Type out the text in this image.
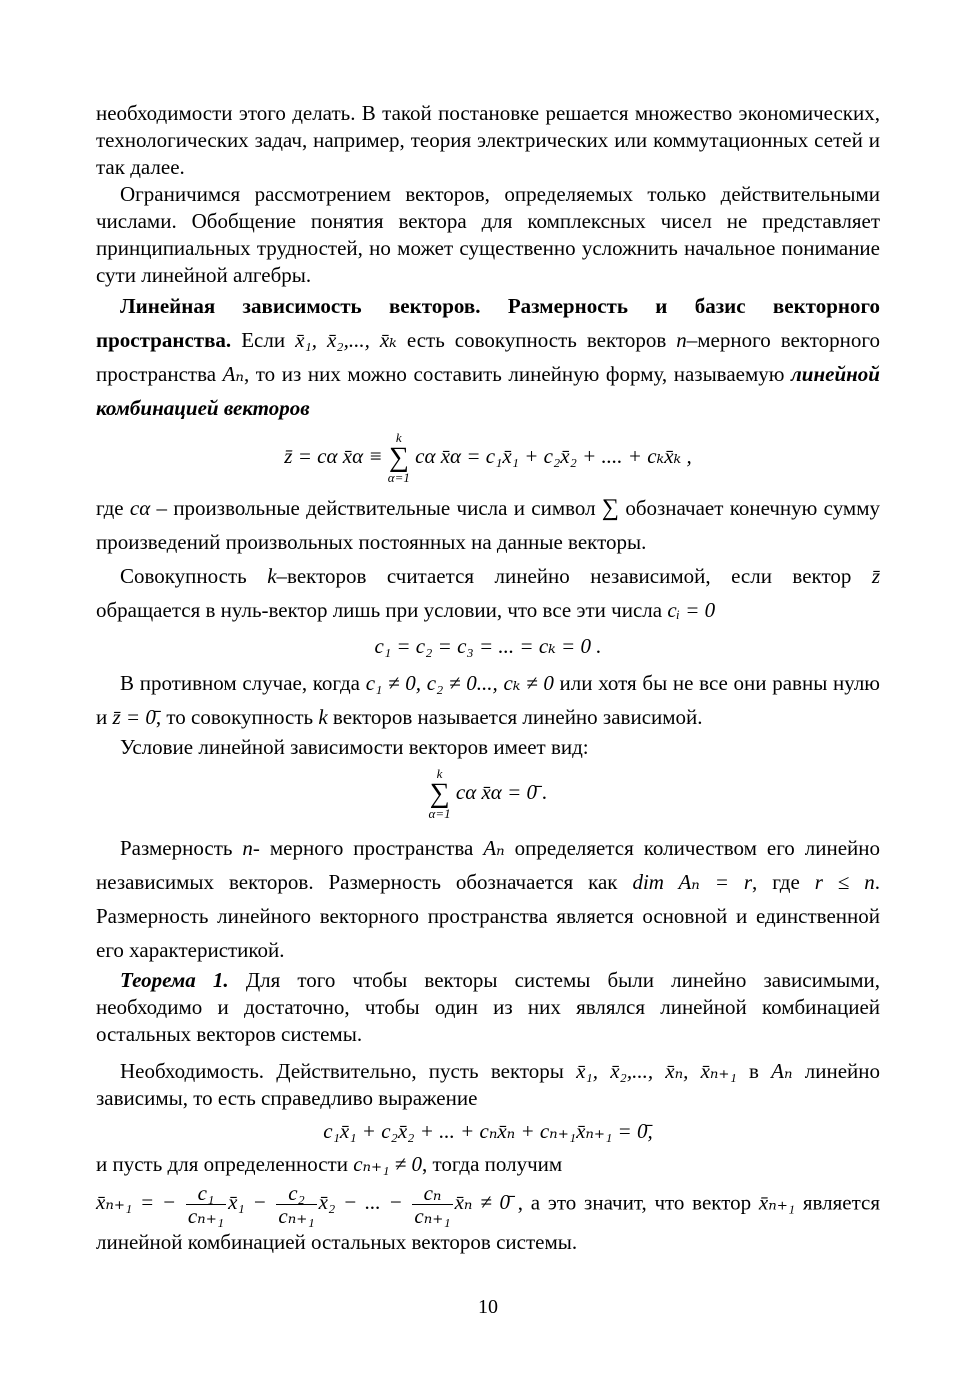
необходимости этого делать. В такой постановке решается множество экономических, технологических задач, например, теория электрических или коммутационных сетей и так далее.

Ограничимся рассмотрением векторов, определяемых только действительными числами. Обобщение понятия вектора для комплексных чисел не представляет принципиальных трудностей, но может существенно усложнить начальное понимание сути линейной алгебры.

Линейная зависимость векторов. Размерность и базис векторного пространства. Если x̄₁, x̄₂,..., x̄ₖ есть совокупность векторов n–мерного векторного пространства Aₙ, то из них можно составить линейную форму, называемую линейной комбинацией векторов

z̄ = cα x̄α ≡
k
∑
α=1
cα x̄α = c₁x̄₁ + c₂x̄₂ + .... + cₖx̄ₖ ,

где cα – произвольные действительные числа и символ ∑ обозначает конечную сумму произведений произвольных постоянных на данные векторы.

Совокупность k–векторов считается линейно независимой, если вектор z̄ обращается в нуль-вектор лишь при условии, что все эти числа cᵢ = 0

c₁ = c₂ = c₃ = ... = cₖ = 0 .

В противном случае, когда c₁ ≠ 0, c₂ ≠ 0..., cₖ ≠ 0 или хотя бы не все они равны нулю и z̄ = 0̄, то совокупность k векторов называется линейно зависимой.

Условие линейной зависимости векторов имеет вид:

k
∑
α=1
cα x̄α = 0̄ .

Размерность n- мерного пространства Aₙ определяется количеством его линейно независимых векторов. Размерность обозначается как dim Aₙ = r, где r ≤ n. Размерность линейного векторного пространства является основной и единственной его характеристикой.

Теорема 1. Для того чтобы векторы системы были линейно зависимыми, необходимо и достаточно, чтобы один из них являлся линейной комбинацией остальных векторов системы.

Необходимость. Действительно, пусть векторы x̄₁, x̄₂,..., x̄ₙ, x̄ₙ₊₁ в Aₙ линейно зависимы, то есть справедливо выражение

c₁x̄₁ + c₂x̄₂ + ... + cₙx̄ₙ + cₙ₊₁x̄ₙ₊₁ = 0̄,

и пусть для определенности cₙ₊₁ ≠ 0, тогда получим

x̄ₙ₊₁ = − $\frac{\text{c₁}}{\text{cₙ₊₁}}$ x̄₁ − $\frac{\text{c₂}}{\text{cₙ₊₁}}$ x̄₂ − ... − $\frac{\text{cₙ}}{\text{cₙ₊₁}}$ x̄ₙ ≠ 0̄ , а это значит, что вектор x̄ₙ₊₁ является линейной комбинацией остальных векторов системы.

10
